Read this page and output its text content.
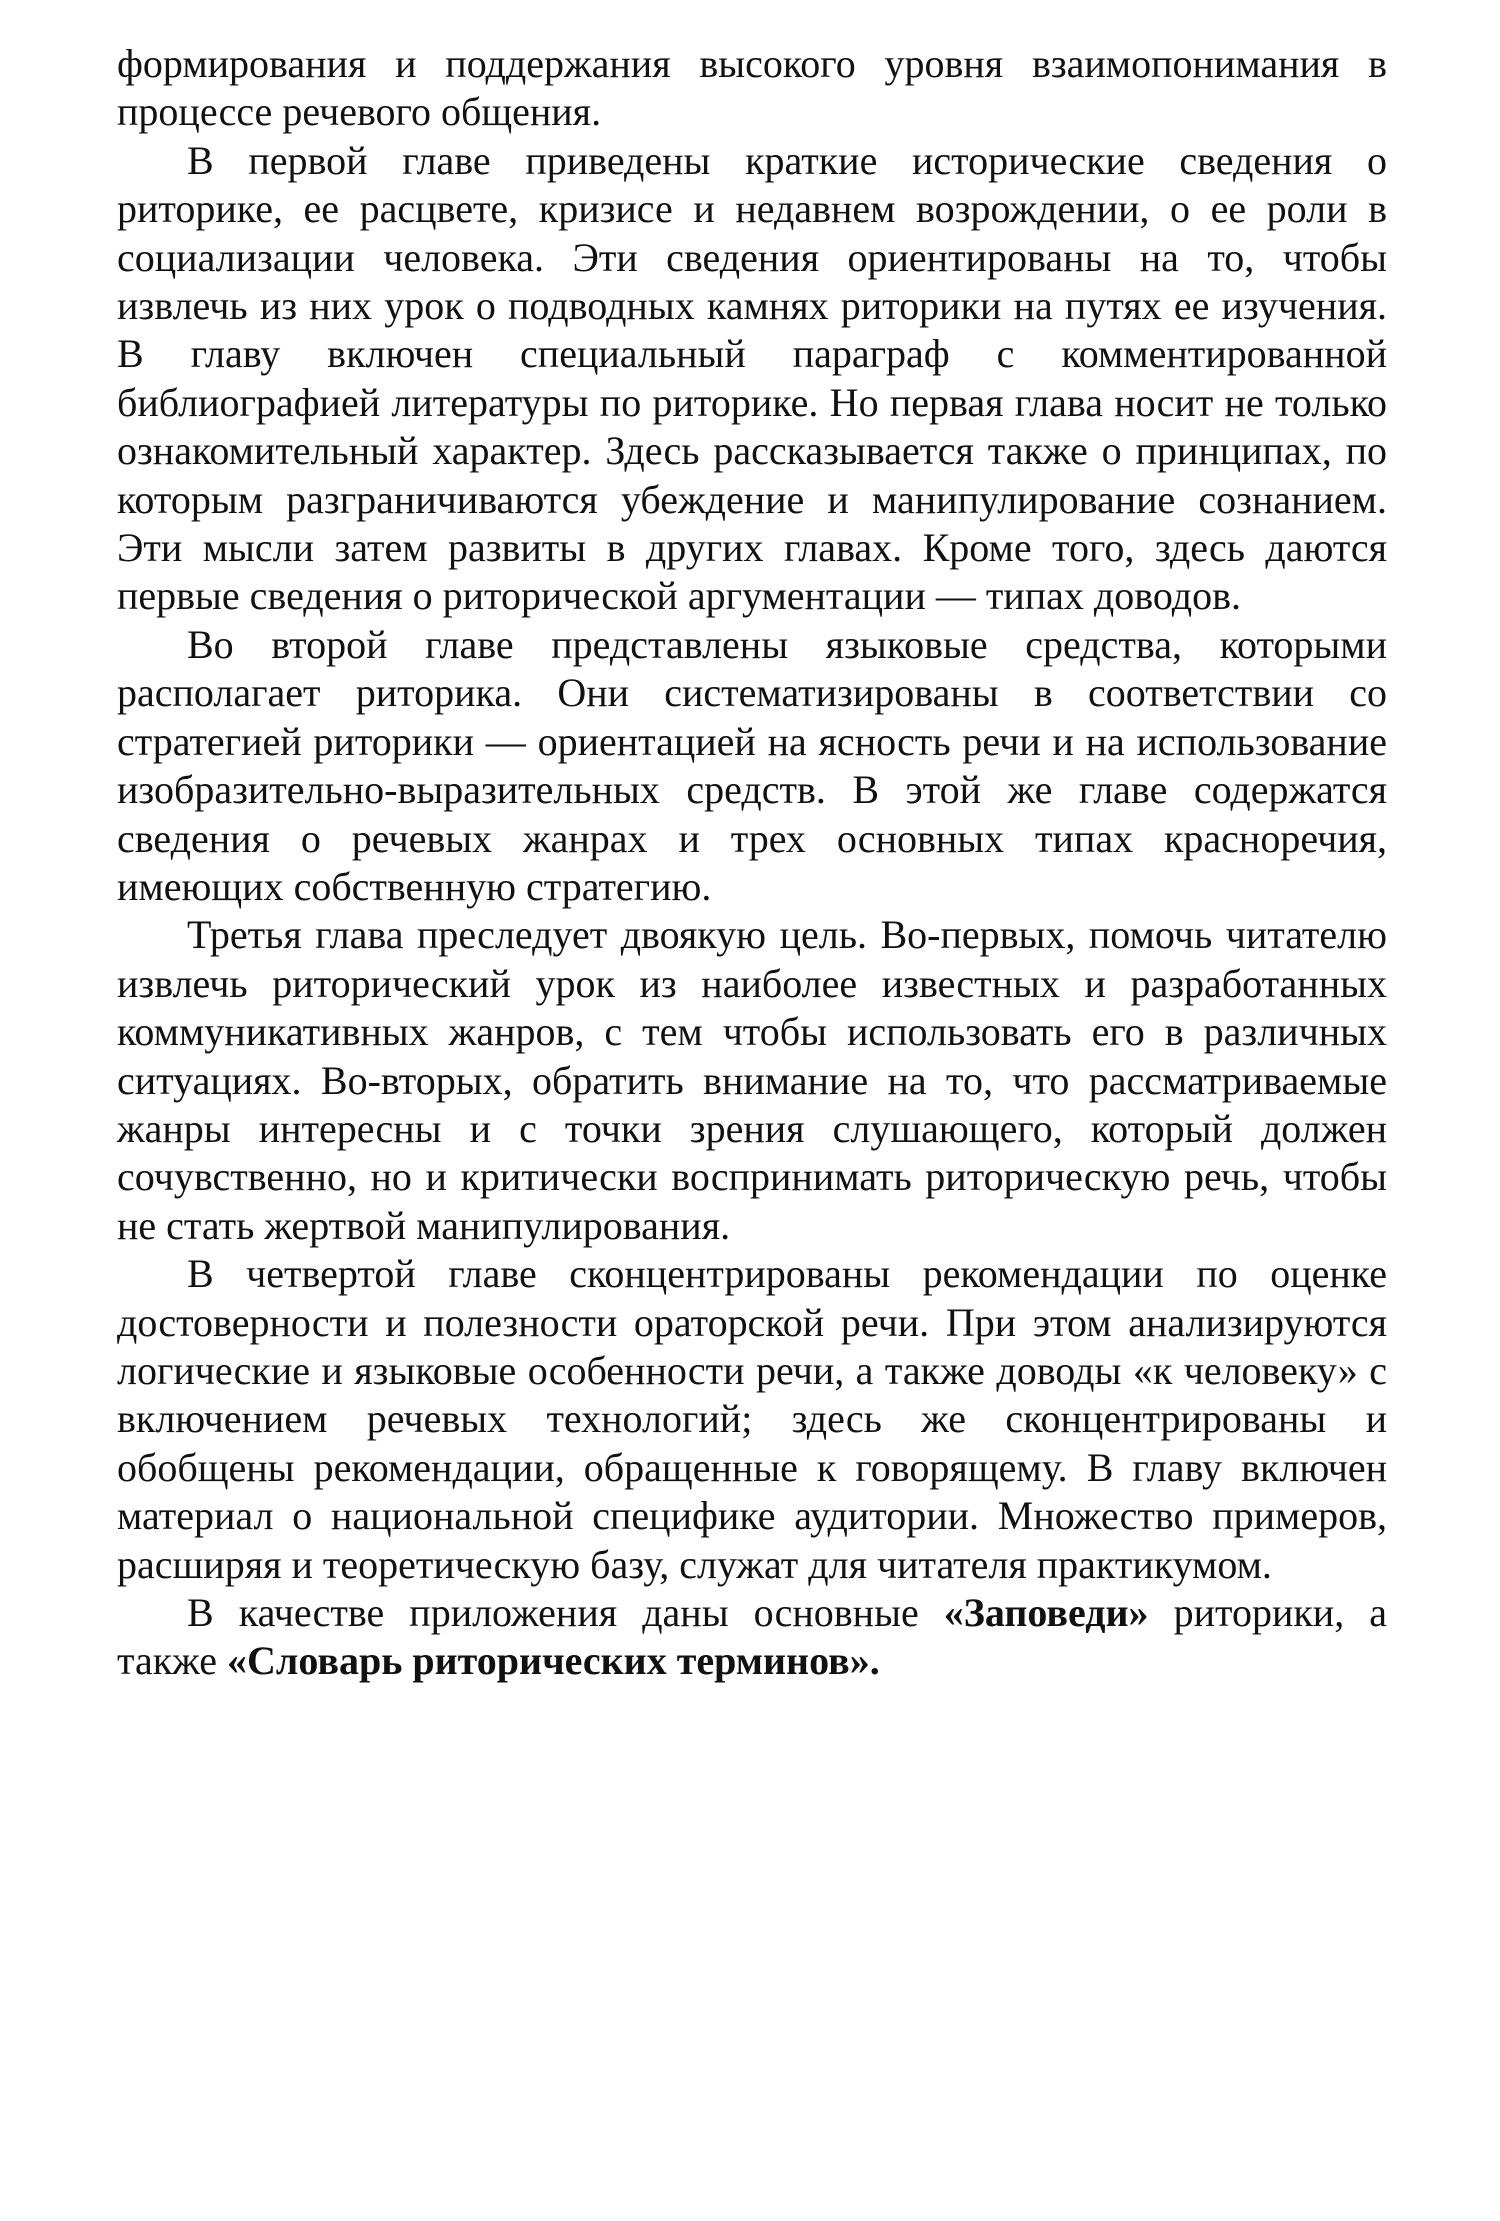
формирования и поддержания высокого уровня взаимопонимания в процессе речевого общения.

В первой главе приведены краткие исторические сведения о риторике, ее расцвете, кризисе и недавнем возрождении, о ее роли в социализации человека. Эти сведения ориентированы на то, чтобы извлечь из них урок о подводных камнях риторики на путях ее изучения. В главу включен специальный параграф с комментированной библиографией литературы по риторике. Но первая глава носит не только ознакомительный характер. Здесь рассказывается также о принципах, по которым разграничиваются убеждение и манипулирование сознанием. Эти мысли затем развиты в других главах. Кроме того, здесь даются первые сведения о риторической аргументации — типах доводов.

Во второй главе представлены языковые средства, которыми располагает риторика. Они систематизированы в соответствии со стратегией риторики — ориентацией на ясность речи и на использование изобразительно-выразительных средств. В этой же главе содержатся сведения о речевых жанрах и трех основных типах красноречия, имеющих собственную стратегию.

Третья глава преследует двоякую цель. Во-первых, помочь читателю извлечь риторический урок из наиболее известных и разработанных коммуникативных жанров, с тем чтобы использовать его в различных ситуациях. Во-вторых, обратить внимание на то, что рассматриваемые жанры интересны и с точки зрения слушающего, который должен сочувственно, но и критически воспринимать риторическую речь, чтобы не стать жертвой манипулирования.

В четвертой главе сконцентрированы рекомендации по оценке достоверности и полезности ораторской речи. При этом анализируются логические и языковые особенности речи, а также доводы «к человеку» с включением речевых технологий; здесь же сконцентрированы и обобщены рекомендации, обращенные к говорящему. В главу включен материал о национальной специфике аудитории. Множество примеров, расширяя и теоретическую базу, служат для читателя практикумом.

В качестве приложения даны основные «Заповеди» риторики, а также «Словарь риторических терминов».
